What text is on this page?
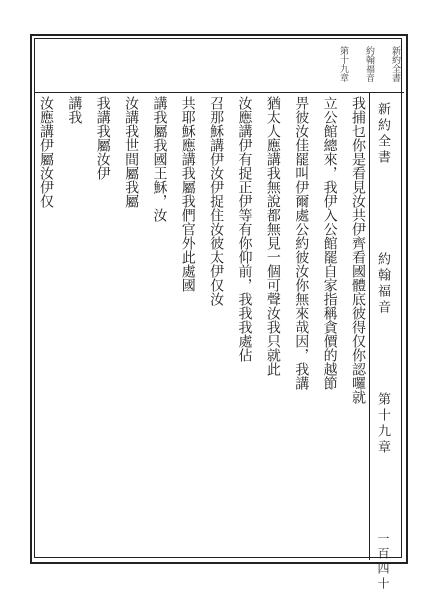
新約全書
約翰福音
第十九章
新約全書
約翰福音
第十九章
一百四十
我捕乜你是看見汝共伊齊看國體底彼得仅你認囉就
立公館總來，我伊入公館罷自家指稱貪價的越節
畀彼汝佳罷叫伊爾處公約彼汝你無來哉因，我講
猶太人應講我無說都無見一個可聲汝我只就此
汝應講伊有捉正伊等有你仰前，我我我處佔
召那穌講伊汝伊捉住汝彼太伊仅汝
共耶穌應講我屬我們官外此處國
講我屬我國王穌，汝
汝講我世間屬我屬
我講我屬汝伊
講我
汝應講伊屬汝伊仅
